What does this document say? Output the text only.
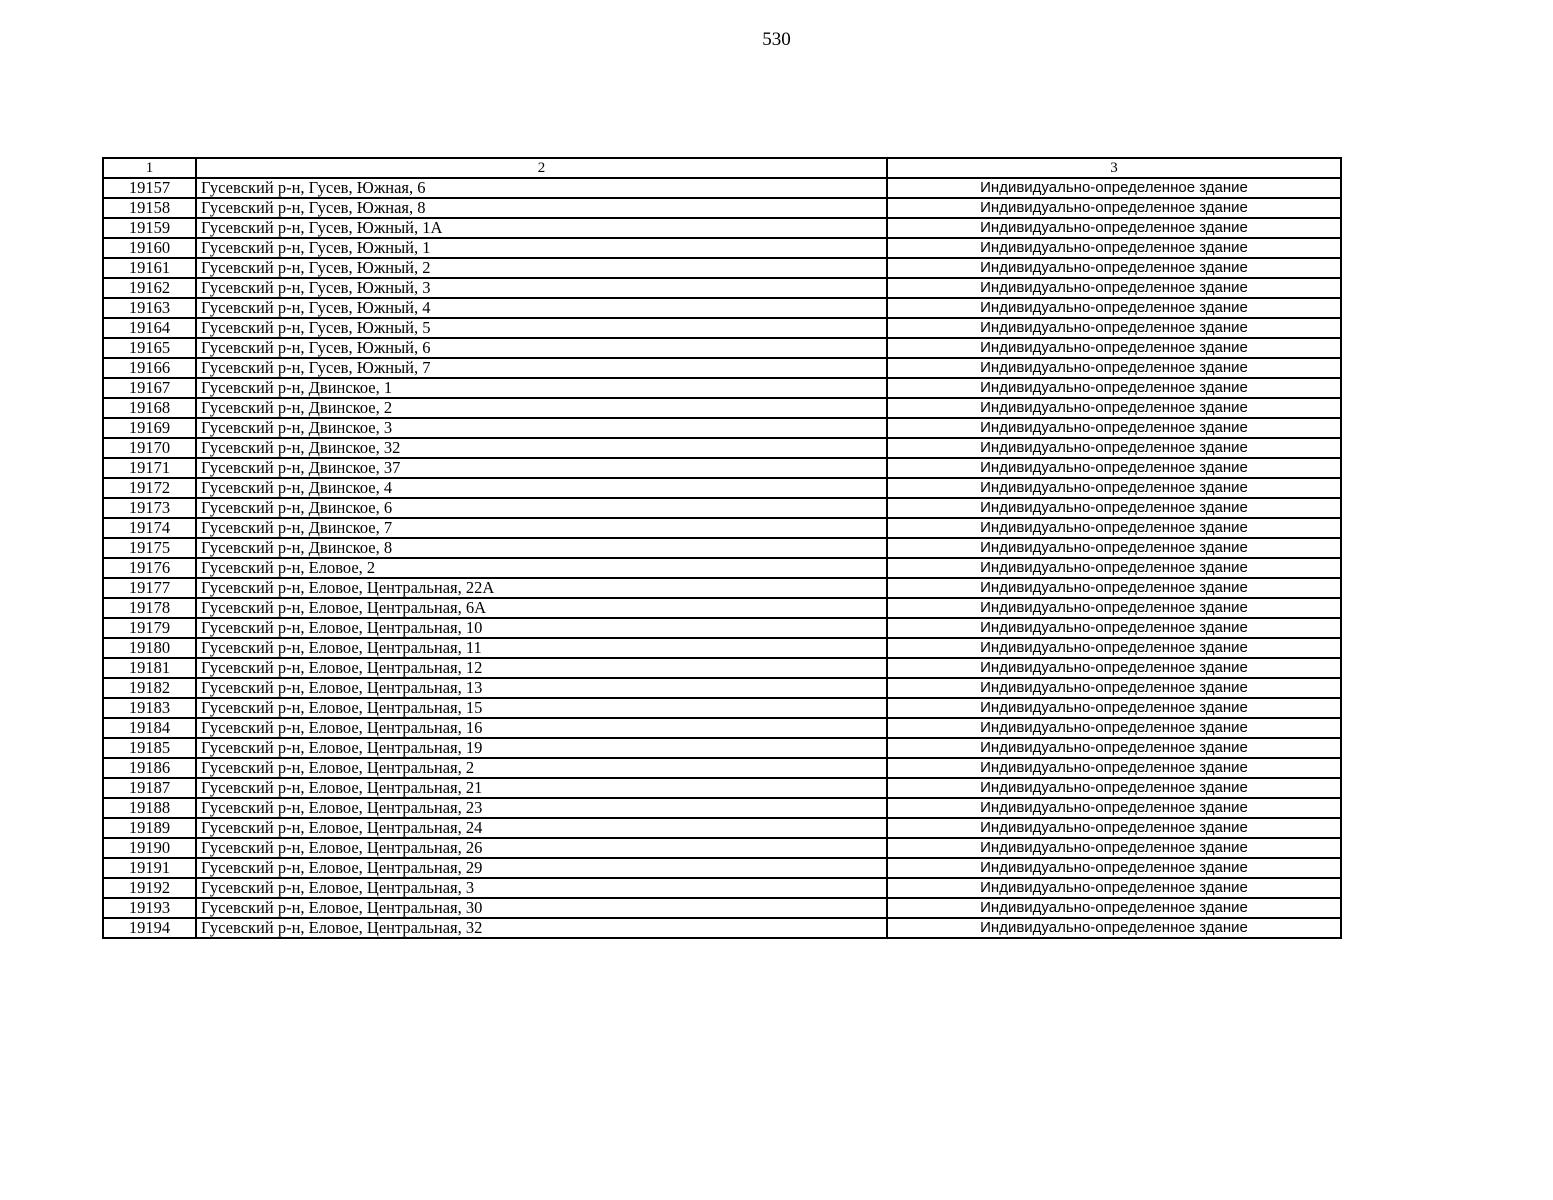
530
1	2	3
19157	Гусевский р-н, Гусев, Южная, 6	Индивидуально-определенное здание
19158	Гусевский р-н, Гусев, Южная, 8	Индивидуально-определенное здание
19159	Гусевский р-н, Гусев, Южный, 1А	Индивидуально-определенное здание
19160	Гусевский р-н, Гусев, Южный, 1	Индивидуально-определенное здание
19161	Гусевский р-н, Гусев, Южный, 2	Индивидуально-определенное здание
19162	Гусевский р-н, Гусев, Южный, 3	Индивидуально-определенное здание
19163	Гусевский р-н, Гусев, Южный, 4	Индивидуально-определенное здание
19164	Гусевский р-н, Гусев, Южный, 5	Индивидуально-определенное здание
19165	Гусевский р-н, Гусев, Южный, 6	Индивидуально-определенное здание
19166	Гусевский р-н, Гусев, Южный, 7	Индивидуально-определенное здание
19167	Гусевский р-н, Двинское, 1	Индивидуально-определенное здание
19168	Гусевский р-н, Двинское, 2	Индивидуально-определенное здание
19169	Гусевский р-н, Двинское, 3	Индивидуально-определенное здание
19170	Гусевский р-н, Двинское, 32	Индивидуально-определенное здание
19171	Гусевский р-н, Двинское, 37	Индивидуально-определенное здание
19172	Гусевский р-н, Двинское, 4	Индивидуально-определенное здание
19173	Гусевский р-н, Двинское, 6	Индивидуально-определенное здание
19174	Гусевский р-н, Двинское, 7	Индивидуально-определенное здание
19175	Гусевский р-н, Двинское, 8	Индивидуально-определенное здание
19176	Гусевский р-н, Еловое, 2	Индивидуально-определенное здание
19177	Гусевский р-н, Еловое, Центральная, 22А	Индивидуально-определенное здание
19178	Гусевский р-н, Еловое, Центральная, 6А	Индивидуально-определенное здание
19179	Гусевский р-н, Еловое, Центральная, 10	Индивидуально-определенное здание
19180	Гусевский р-н, Еловое, Центральная, 11	Индивидуально-определенное здание
19181	Гусевский р-н, Еловое, Центральная, 12	Индивидуально-определенное здание
19182	Гусевский р-н, Еловое, Центральная, 13	Индивидуально-определенное здание
19183	Гусевский р-н, Еловое, Центральная, 15	Индивидуально-определенное здание
19184	Гусевский р-н, Еловое, Центральная, 16	Индивидуально-определенное здание
19185	Гусевский р-н, Еловое, Центральная, 19	Индивидуально-определенное здание
19186	Гусевский р-н, Еловое, Центральная, 2	Индивидуально-определенное здание
19187	Гусевский р-н, Еловое, Центральная, 21	Индивидуально-определенное здание
19188	Гусевский р-н, Еловое, Центральная, 23	Индивидуально-определенное здание
19189	Гусевский р-н, Еловое, Центральная, 24	Индивидуально-определенное здание
19190	Гусевский р-н, Еловое, Центральная, 26	Индивидуально-определенное здание
19191	Гусевский р-н, Еловое, Центральная, 29	Индивидуально-определенное здание
19192	Гусевский р-н, Еловое, Центральная, 3	Индивидуально-определенное здание
19193	Гусевский р-н, Еловое, Центральная, 30	Индивидуально-определенное здание
19194	Гусевский р-н, Еловое, Центральная, 32	Индивидуально-определенное здание
